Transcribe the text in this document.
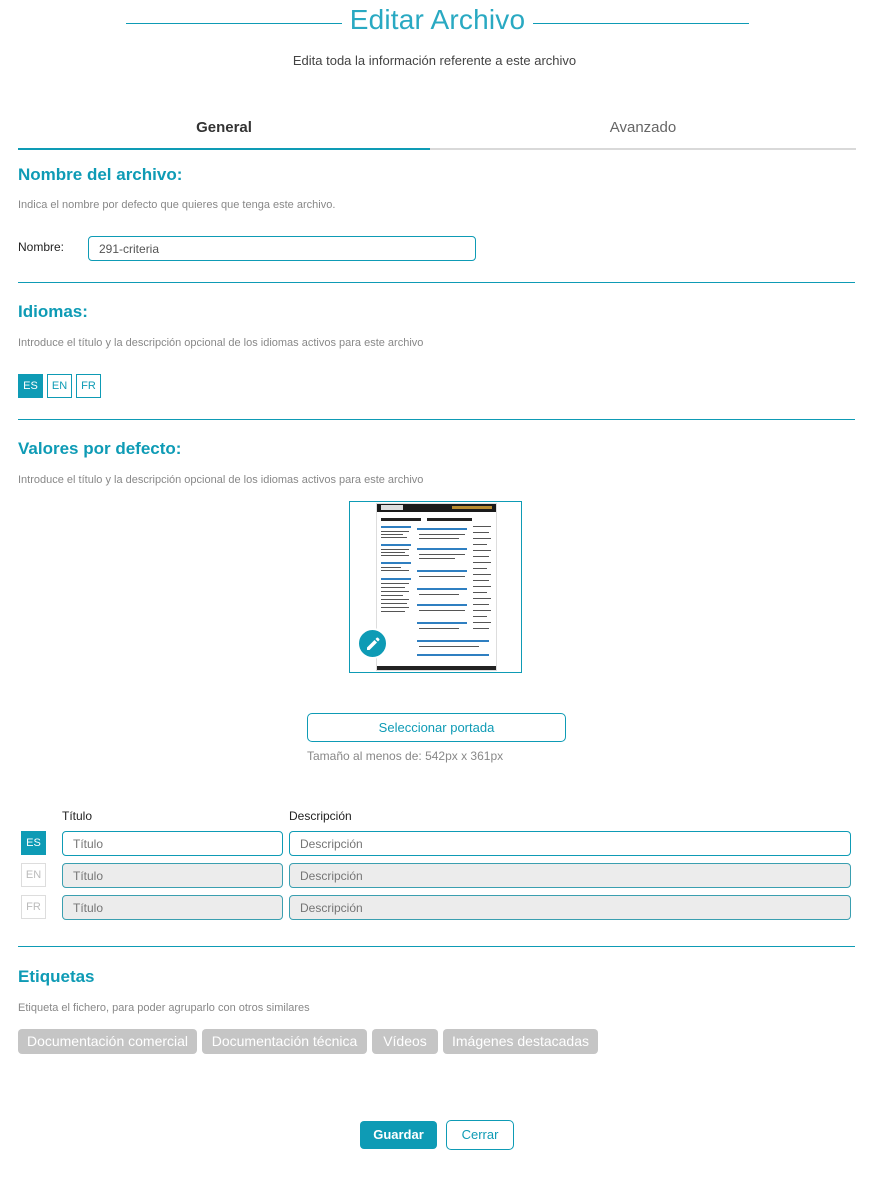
Editar Archivo
Edita toda la información referente a este archivo
General	Avanzado
Nombre del archivo:
Indica el nombre por defecto que quieres que tenga este archivo.
Nombre:
291-criteria
Idiomas:
Introduce el título y la descripción opcional de los idiomas activos para este archivo
ES	EN	FR
Valores por defecto:
Introduce el título y la descripción opcional de los idiomas activos para este archivo
Seleccionar portada
Tamaño al menos de: 542px x 361px
Título	Descripción
ES
Título
Descripción
EN
Título
Descripción
FR
Título
Descripción
Etiquetas
Etiqueta el fichero, para poder agruparlo con otros similares
Documentación comercial	Documentación técnica	Vídeos	Imágenes destacadas
Guardar	Cerrar
